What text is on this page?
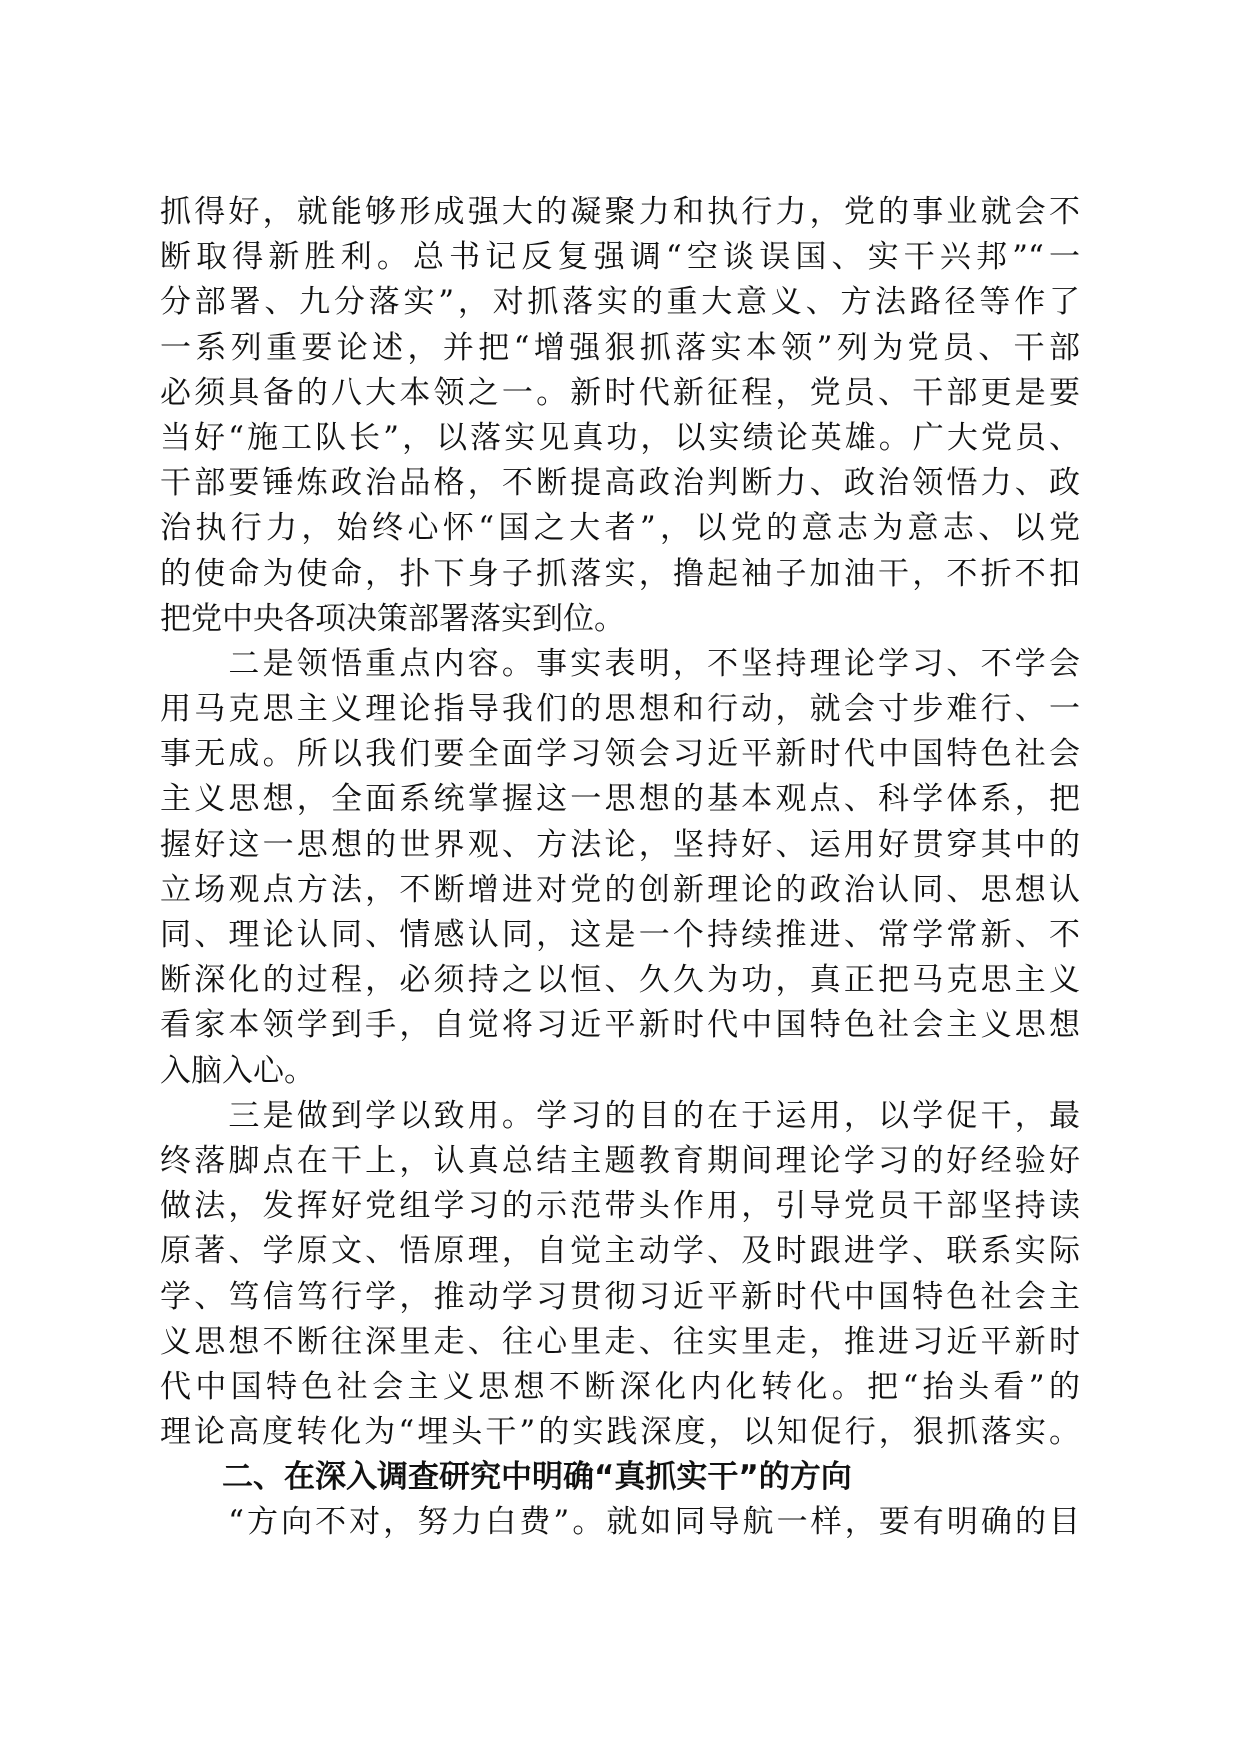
抓得好，就能够形成强大的凝聚力和执行力，党的事业就会不
断取得新胜利。总书记反复强调“空谈误国、实干兴邦”“一
分部署、九分落实”，对抓落实的重大意义、方法路径等作了
一系列重要论述，并把“增强狠抓落实本领”列为党员、干部
必须具备的八大本领之一。新时代新征程，党员、干部更是要
当好“施工队长”，以落实见真功，以实绩论英雄。广大党员、
干部要锤炼政治品格，不断提高政治判断力、政治领悟力、政
治执行力，始终心怀“国之大者”，以党的意志为意志、以党
的使命为使命，扑下身子抓落实，撸起袖子加油干，不折不扣
把党中央各项决策部署落实到位。
　　二是领悟重点内容。事实表明，不坚持理论学习、不学会
用马克思主义理论指导我们的思想和行动，就会寸步难行、一
事无成。所以我们要全面学习领会习近平新时代中国特色社会
主义思想，全面系统掌握这一思想的基本观点、科学体系，把
握好这一思想的世界观、方法论，坚持好、运用好贯穿其中的
立场观点方法，不断增进对党的创新理论的政治认同、思想认
同、理论认同、情感认同，这是一个持续推进、常学常新、不
断深化的过程，必须持之以恒、久久为功，真正把马克思主义
看家本领学到手，自觉将习近平新时代中国特色社会主义思想
入脑入心。
　　三是做到学以致用。学习的目的在于运用，以学促干，最
终落脚点在干上，认真总结主题教育期间理论学习的好经验好
做法，发挥好党组学习的示范带头作用，引导党员干部坚持读
原著、学原文、悟原理，自觉主动学、及时跟进学、联系实际
学、笃信笃行学，推动学习贯彻习近平新时代中国特色社会主
义思想不断往深里走、往心里走、往实里走，推进习近平新时
代中国特色社会主义思想不断深化内化转化。把“抬头看”的
理论高度转化为“埋头干”的实践深度，以知促行，狠抓落实。
二、在深入调查研究中明确“真抓实干”的方向
　　“方向不对，努力白费”。就如同导航一样，要有明确的目
